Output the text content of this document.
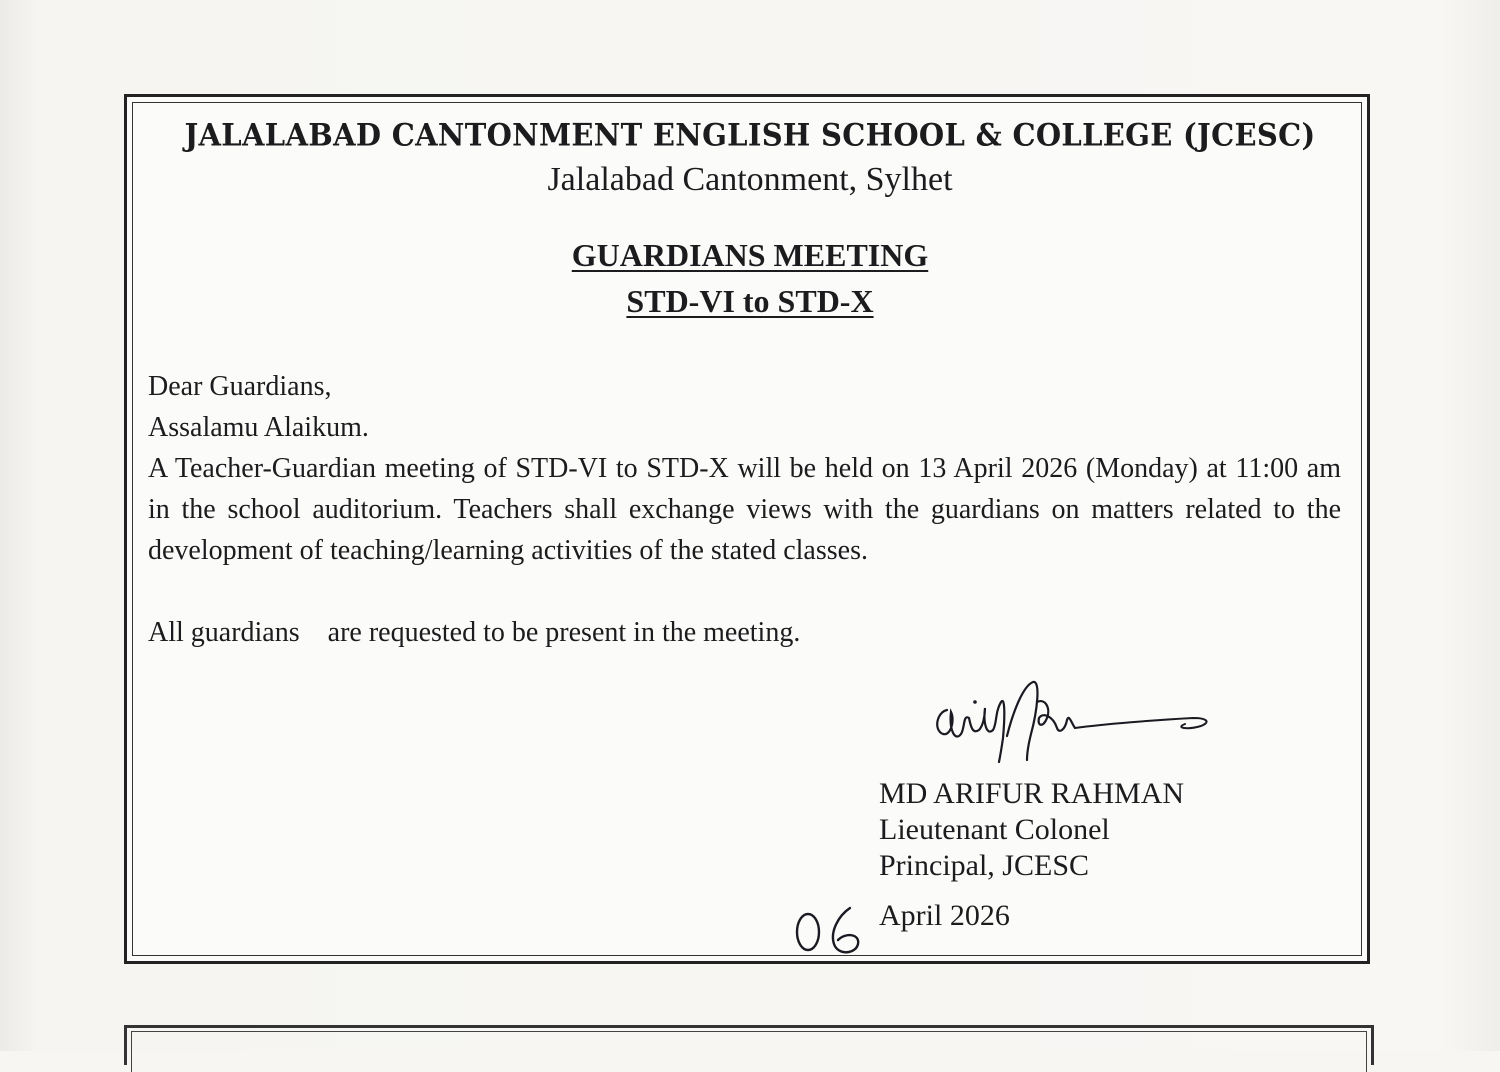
JALALABAD CANTONMENT ENGLISH SCHOOL & COLLEGE (JCESC)
Jalalabad Cantonment, Sylhet
GUARDIANS MEETING
STD-VI to STD-X
Dear Guardians,
Assalamu Alaikum.
A Teacher-Guardian meeting of STD-VI to STD-X will be held on 13 April 2026 (Monday) at 11:00 am in the school auditorium. Teachers shall exchange views with the guardians on matters related to the development of teaching/learning activities of the stated classes.
All guardians    are requested to be present in the meeting.
MD ARIFUR RAHMAN
Lieutenant Colonel
Principal, JCESC
April 2026
